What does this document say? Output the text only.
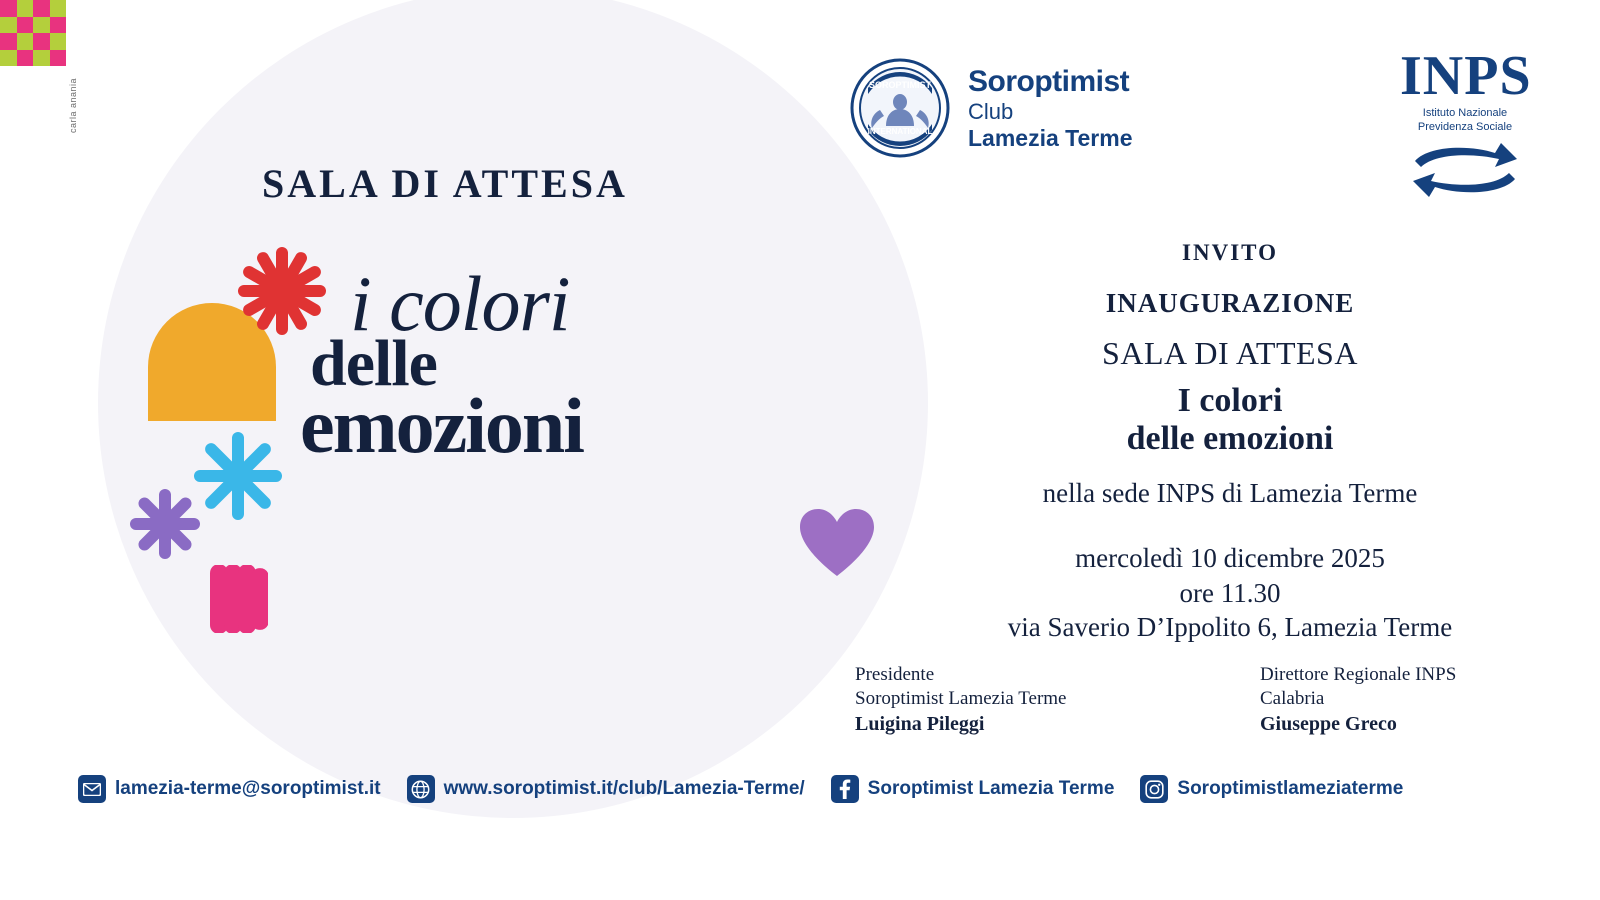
carla anania
SALA DI ATTESA
i colori
delle
emozioni
SOROPTIMIST
INTERNATIONAL
Soroptimist
Club
Lamezia Terme
INPS
Istituto Nazionale
Previdenza Sociale
INVITO
INAUGURAZIONE
SALA DI ATTESA
I colori
delle emozioni
nella sede INPS di Lamezia Terme
mercoledì 10 dicembre 2025
ore 11.30
via Saverio D’Ippolito 6, Lamezia Terme
Presidente
Soroptimist Lamezia Terme
Luigina Pileggi
Direttore Regionale INPS
Calabria
Giuseppe Greco
lamezia-terme@soroptimist.it	www.soroptimist.it/club/Lamezia-Terme/	Soroptimist Lamezia Terme	Soroptimistlameziaterme
